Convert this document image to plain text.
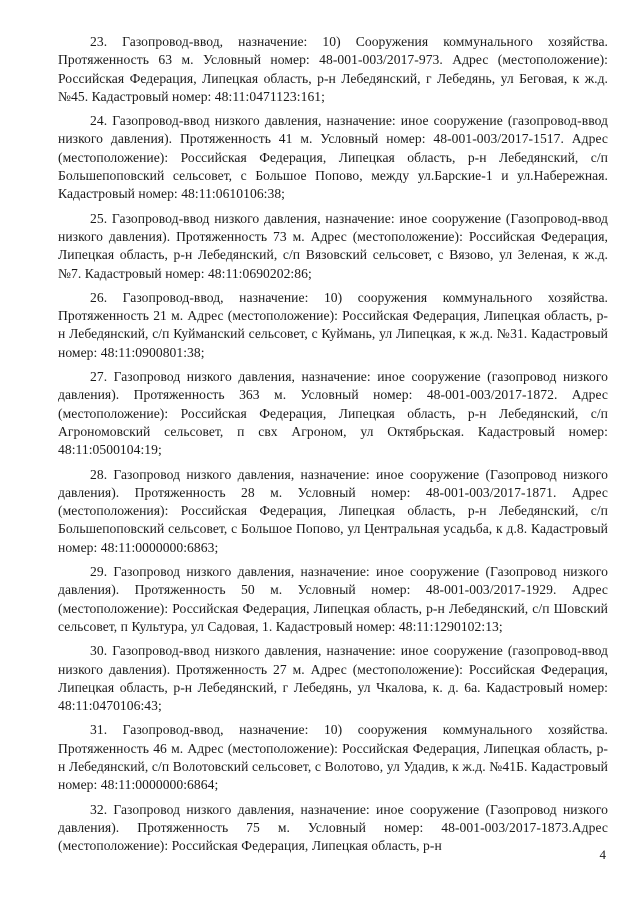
23. Газопровод-ввод, назначение: 10) Сооружения коммунального хозяйства. Протяженность 63 м. Условный номер: 48-001-003/2017-973. Адрес (местоположение): Российская Федерация, Липецкая область, р-н Лебедянский, г Лебедянь, ул Беговая, к ж.д. №45. Кадастровый номер: 48:11:0471123:161;

24. Газопровод-ввод низкого давления, назначение: иное сооружение (газопровод-ввод низкого давления). Протяженность 41 м. Условный номер: 48-001-003/2017-1517. Адрес (местоположение): Российская Федерация, Липецкая область, р-н Лебедянский, с/п Большепоповский сельсовет, с Большое Попово, между ул.Барские-1 и ул.Набережная. Кадастровый номер: 48:11:0610106:38;

25. Газопровод-ввод низкого давления, назначение: иное сооружение (Газопровод-ввод низкого давления). Протяженность 73 м. Адрес (местоположение): Российская Федерация, Липецкая область, р-н Лебедянский, с/п Вязовский сельсовет, с Вязово, ул Зеленая, к ж.д. №7. Кадастровый номер: 48:11:0690202:86;

26. Газопровод-ввод, назначение: 10) сооружения коммунального хозяйства. Протяженность 21 м. Адрес (местоположение): Российская Федерация, Липецкая область, р-н Лебедянский, с/п Куйманский сельсовет, с Куймань, ул Липецкая, к ж.д. №31. Кадастровый номер: 48:11:0900801:38;

27. Газопровод низкого давления, назначение: иное сооружение (газопровод низкого давления). Протяженность 363 м. Условный номер: 48-001-003/2017-1872. Адрес (местоположение): Российская Федерация, Липецкая область, р-н Лебедянский, с/п Агрономовский сельсовет, п свх Агроном, ул Октябрьская. Кадастровый номер: 48:11:0500104:19;

28. Газопровод низкого давления, назначение: иное сооружение (Газопровод низкого давления). Протяженность 28 м. Условный номер: 48-001-003/2017-1871. Адрес (местоположения): Российская Федерация, Липецкая область, р-н Лебедянский, с/п Большепоповский сельсовет, с Большое Попово, ул Центральная усадьба, к д.8. Кадастровый номер: 48:11:0000000:6863;

29. Газопровод низкого давления, назначение: иное сооружение (Газопровод низкого давления). Протяженность 50 м. Условный номер: 48-001-003/2017-1929. Адрес (местоположение): Российская Федерация, Липецкая область, р-н Лебедянский, с/п Шовский сельсовет, п Культура, ул Садовая, 1. Кадастровый номер: 48:11:1290102:13;

30. Газопровод-ввод низкого давления, назначение: иное сооружение (газопровод-ввод низкого давления). Протяженность 27 м. Адрес (местоположение): Российская Федерация, Липецкая область, р-н Лебедянский, г Лебедянь, ул Чкалова, к. д. 6а. Кадастровый номер: 48:11:0470106:43;

31. Газопровод-ввод, назначение: 10) сооружения коммунального хозяйства. Протяженность 46 м. Адрес (местоположение): Российская Федерация, Липецкая область, р-н Лебедянский, с/п Волотовский сельсовет, с Волотово, ул Удадив, к ж.д. №41Б. Кадастровый номер: 48:11:0000000:6864;

32. Газопровод низкого давления, назначение: иное сооружение (Газопровод низкого давления). Протяженность 75 м. Условный номер: 48-001-003/2017-1873.Адрес (местоположение): Российская Федерация, Липецкая область, р-н

4
